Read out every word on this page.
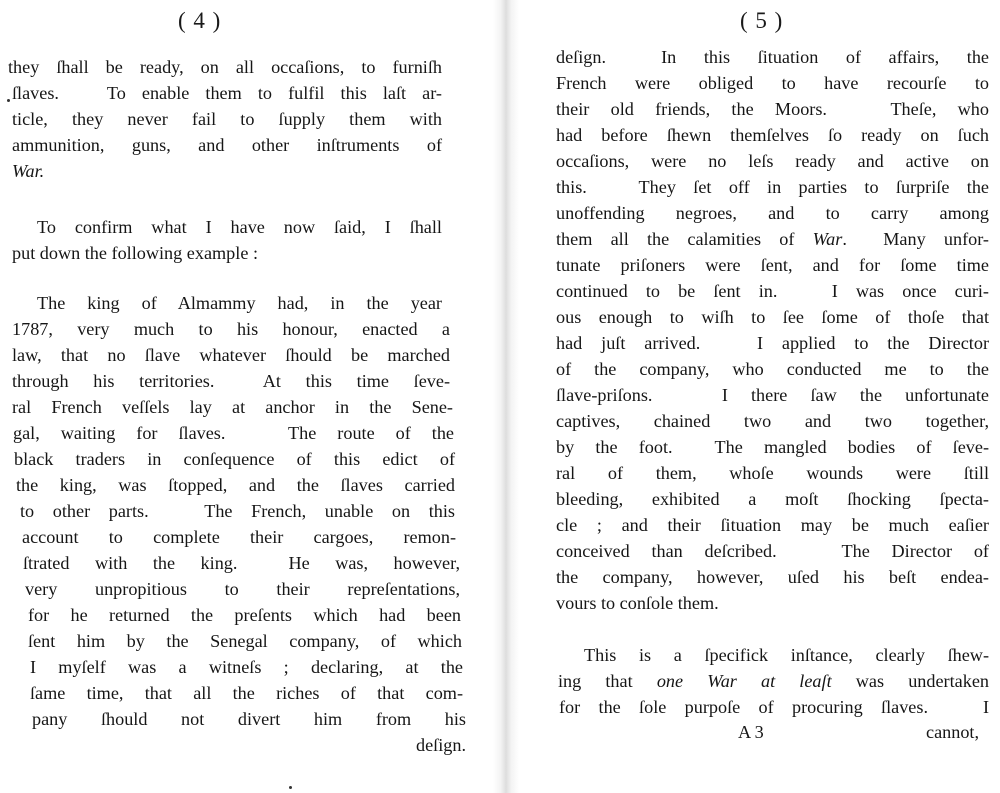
( 4 )
they ſhall be ready, on all occaſions, to furniſh
ſlaves.   To enable them to fulfil this laſt ar-
ticle, they never fail to ſupply them with
ammunition, guns, and other inſtruments of
War.
To confirm what I have now ſaid, I ſhall
put down the following example :
The king of Almammy had, in the year
1787, very much to his honour, enacted a
law, that no ſlave whatever ſhould be marched
through his territories.  At this time ſeve-
ral French veſſels lay at anchor in the Sene-
gal, waiting for ſlaves.   The route of the
black traders in conſequence of this edict of
the king, was ſtopped, and the ſlaves carried
to other parts.   The French, unable on this
account to complete their cargoes, remon-
ſtrated with the king.  He was, however,
very unpropitious to their repreſentations,
for he returned the preſents which had been
ſent him by the Senegal company, of which
I myſelf was a witneſs ; declaring, at the
ſame time, that all the riches of that com-
pany ſhould not divert him from his
deſign.
( 5 )
deſign.  In this ſituation of affairs, the
French were obliged to have recourſe to
their old friends, the Moors.   Theſe, who
had before ſhewn themſelves ſo ready on ſuch
occaſions, were no leſs ready and active on
this.   They ſet off in parties to ſurpriſe the
unoffending negroes, and to carry among
them all the calamities of War.  Many unfor-
tunate priſoners were ſent, and for ſome time
continued to be ſent in.   I was once curi-
ous enough to wiſh to ſee ſome of thoſe that
had juſt arrived.   I applied to the Director
of the company, who conducted me to the
ſlave-priſons.   I there ſaw the unfortunate
captives, chained two and two together,
by the foot.  The mangled bodies of ſeve-
ral of them, whoſe wounds were ſtill
bleeding, exhibited a moſt ſhocking ſpecta-
cle ; and their ſituation may be much eaſier
conceived than deſcribed.   The Director of
the company, however, uſed his beſt endea-
vours to conſole them.
This is a ſpecifick inſtance, clearly ſhew-
ing that one War at leaſt was undertaken
for the ſole purpoſe of procuring ſlaves.   I
A 3	cannot,
